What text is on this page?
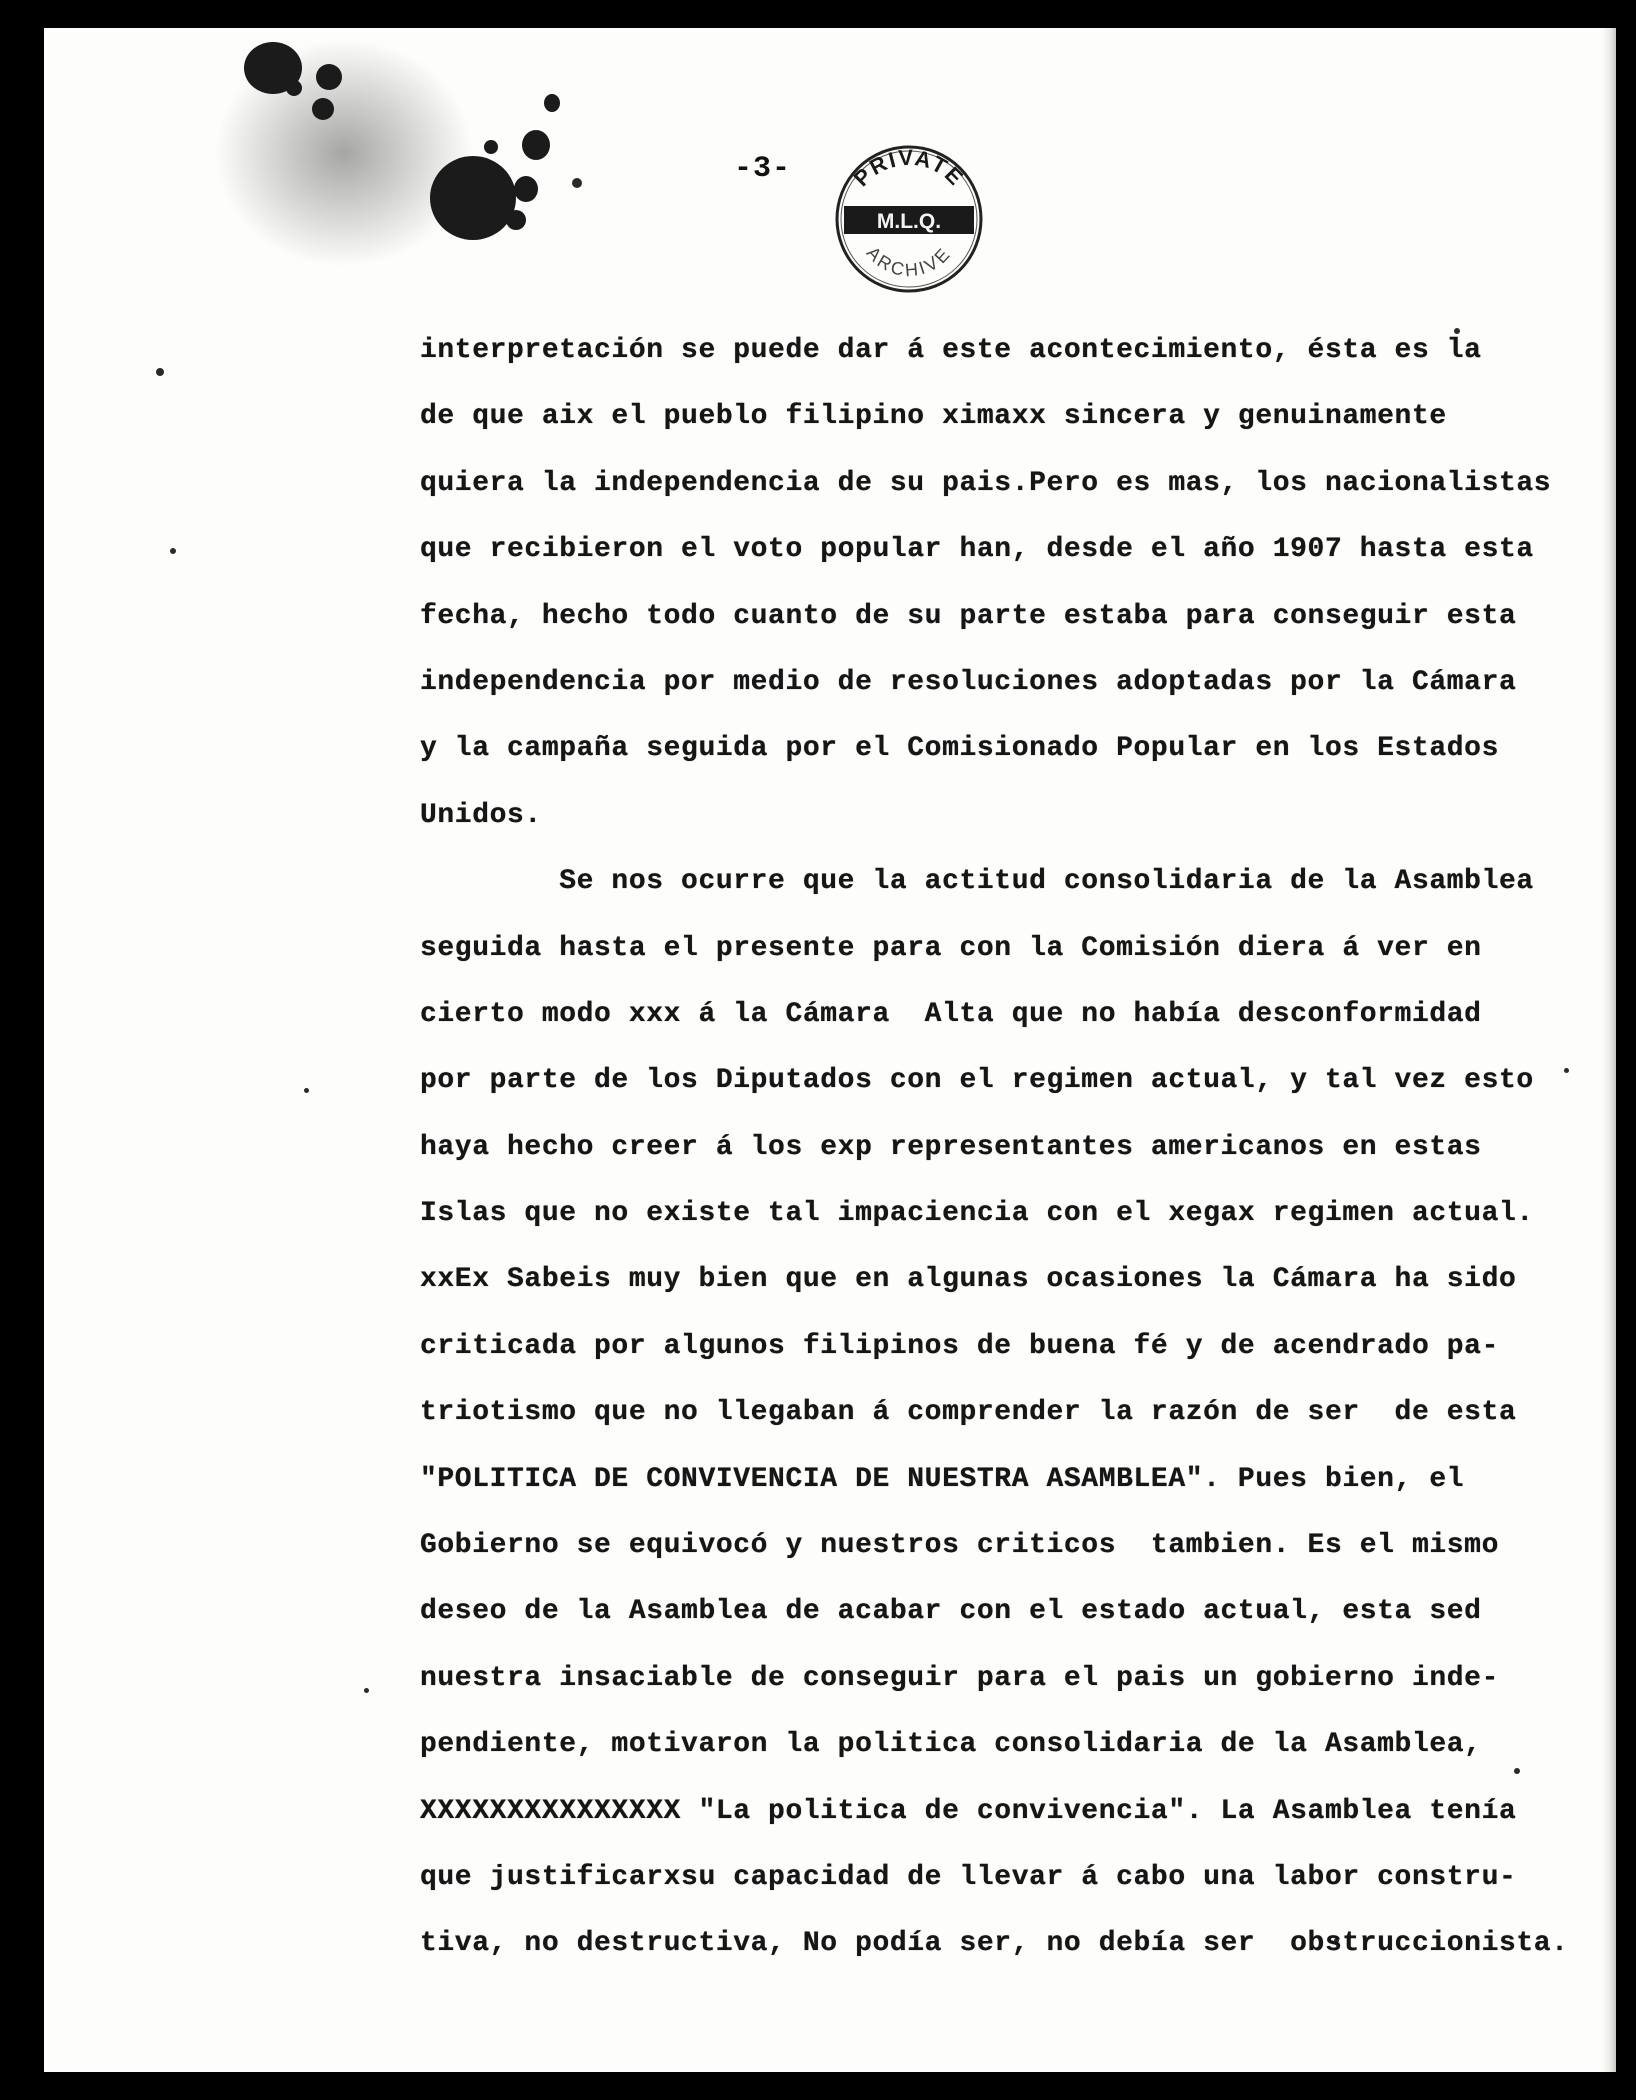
-3-	PRIVATE
M.L.Q.
ARCHIVE
interpretación se puede dar á este acontecimiento, ésta es la
de que aix el pueblo filipino ximaxx sincera y genuinamente
quiera la independencia de su pais.Pero es mas, los nacionalistas
que recibieron el voto popular han, desde el año 1907 hasta esta
fecha, hecho todo cuanto de su parte estaba para conseguir esta
independencia por medio de resoluciones adoptadas por la Cámara
y la campaña seguida por el Comisionado Popular en los Estados
Unidos.
Se nos ocurre que la actitud consolidaria de la Asamblea
seguida hasta el presente para con la Comisión diera á ver en
cierto modo xxx á la Cámara  Alta que no había desconformidad
por parte de los Diputados con el regimen actual, y tal vez esto
haya hecho creer á los exp representantes americanos en estas
Islas que no existe tal impaciencia con el xegax regimen actual.
xxEx Sabeis muy bien que en algunas ocasiones la Cámara ha sido
criticada por algunos filipinos de buena fé y de acendrado pa-
triotismo que no llegaban á comprender la razón de ser  de esta
"POLITICA DE CONVIVENCIA DE NUESTRA ASAMBLEA". Pues bien, el
Gobierno se equivocó y nuestros criticos  tambien. Es el mismo
deseo de la Asamblea de acabar con el estado actual, esta sed
nuestra insaciable de conseguir para el pais un gobierno inde-
pendiente, motivaron la politica consolidaria de la Asamblea,
XXXXXXXXXXXXXXX "La politica de convivencia". La Asamblea tenía
que justificarxsu capacidad de llevar á cabo una labor constru-
tiva, no destructiva, No podía ser, no debía ser  obstruccionista.
